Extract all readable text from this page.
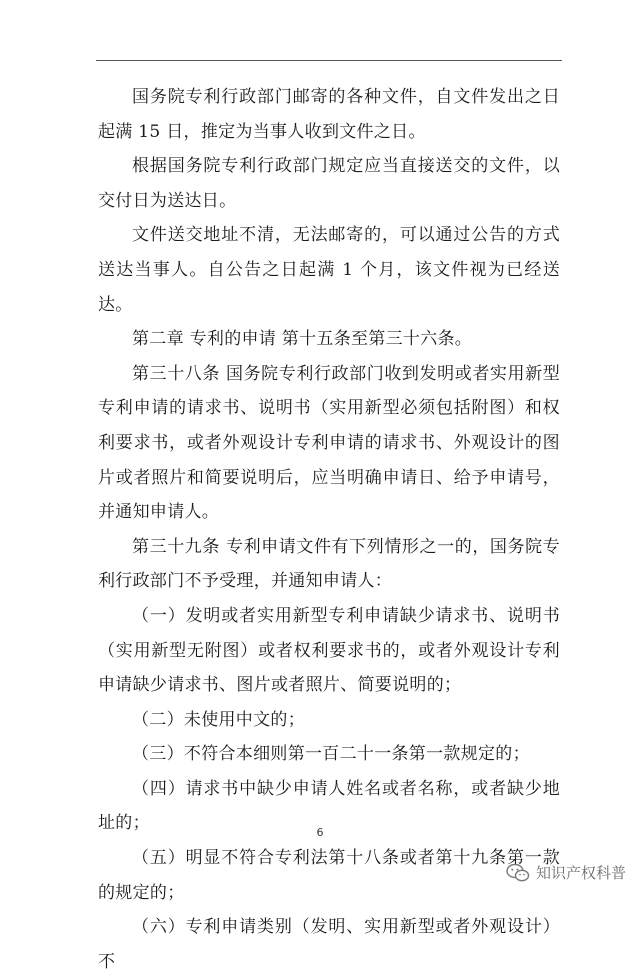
国务院专利行政部门邮寄的各种文件，自文件发出之日起满 15 日，推定为当事人收到文件之日。

根据国务院专利行政部门规定应当直接送交的文件，以交付日为送达日。

文件送交地址不清，无法邮寄的，可以通过公告的方式送达当事人。自公告之日起满 1 个月，该文件视为已经送达。

第二章 专利的申请 第十五条至第三十六条。

第三十八条 国务院专利行政部门收到发明或者实用新型专利申请的请求书、说明书（实用新型必须包括附图）和权利要求书，或者外观设计专利申请的请求书、外观设计的图片或者照片和简要说明后，应当明确申请日、给予申请号，并通知申请人。

第三十九条 专利申请文件有下列情形之一的，国务院专利行政部门不予受理，并通知申请人：

（一）发明或者实用新型专利申请缺少请求书、说明书（实用新型无附图）或者权利要求书的，或者外观设计专利申请缺少请求书、图片或者照片、简要说明的；

（二）未使用中文的；

（三）不符合本细则第一百二十一条第一款规定的；

（四）请求书中缺少申请人姓名或者名称，或者缺少地址的；

（五）明显不符合专利法第十八条或者第十九条第一款的规定的；

（六）专利申请类别（发明、实用新型或者外观设计）不

6
知识产权科普
